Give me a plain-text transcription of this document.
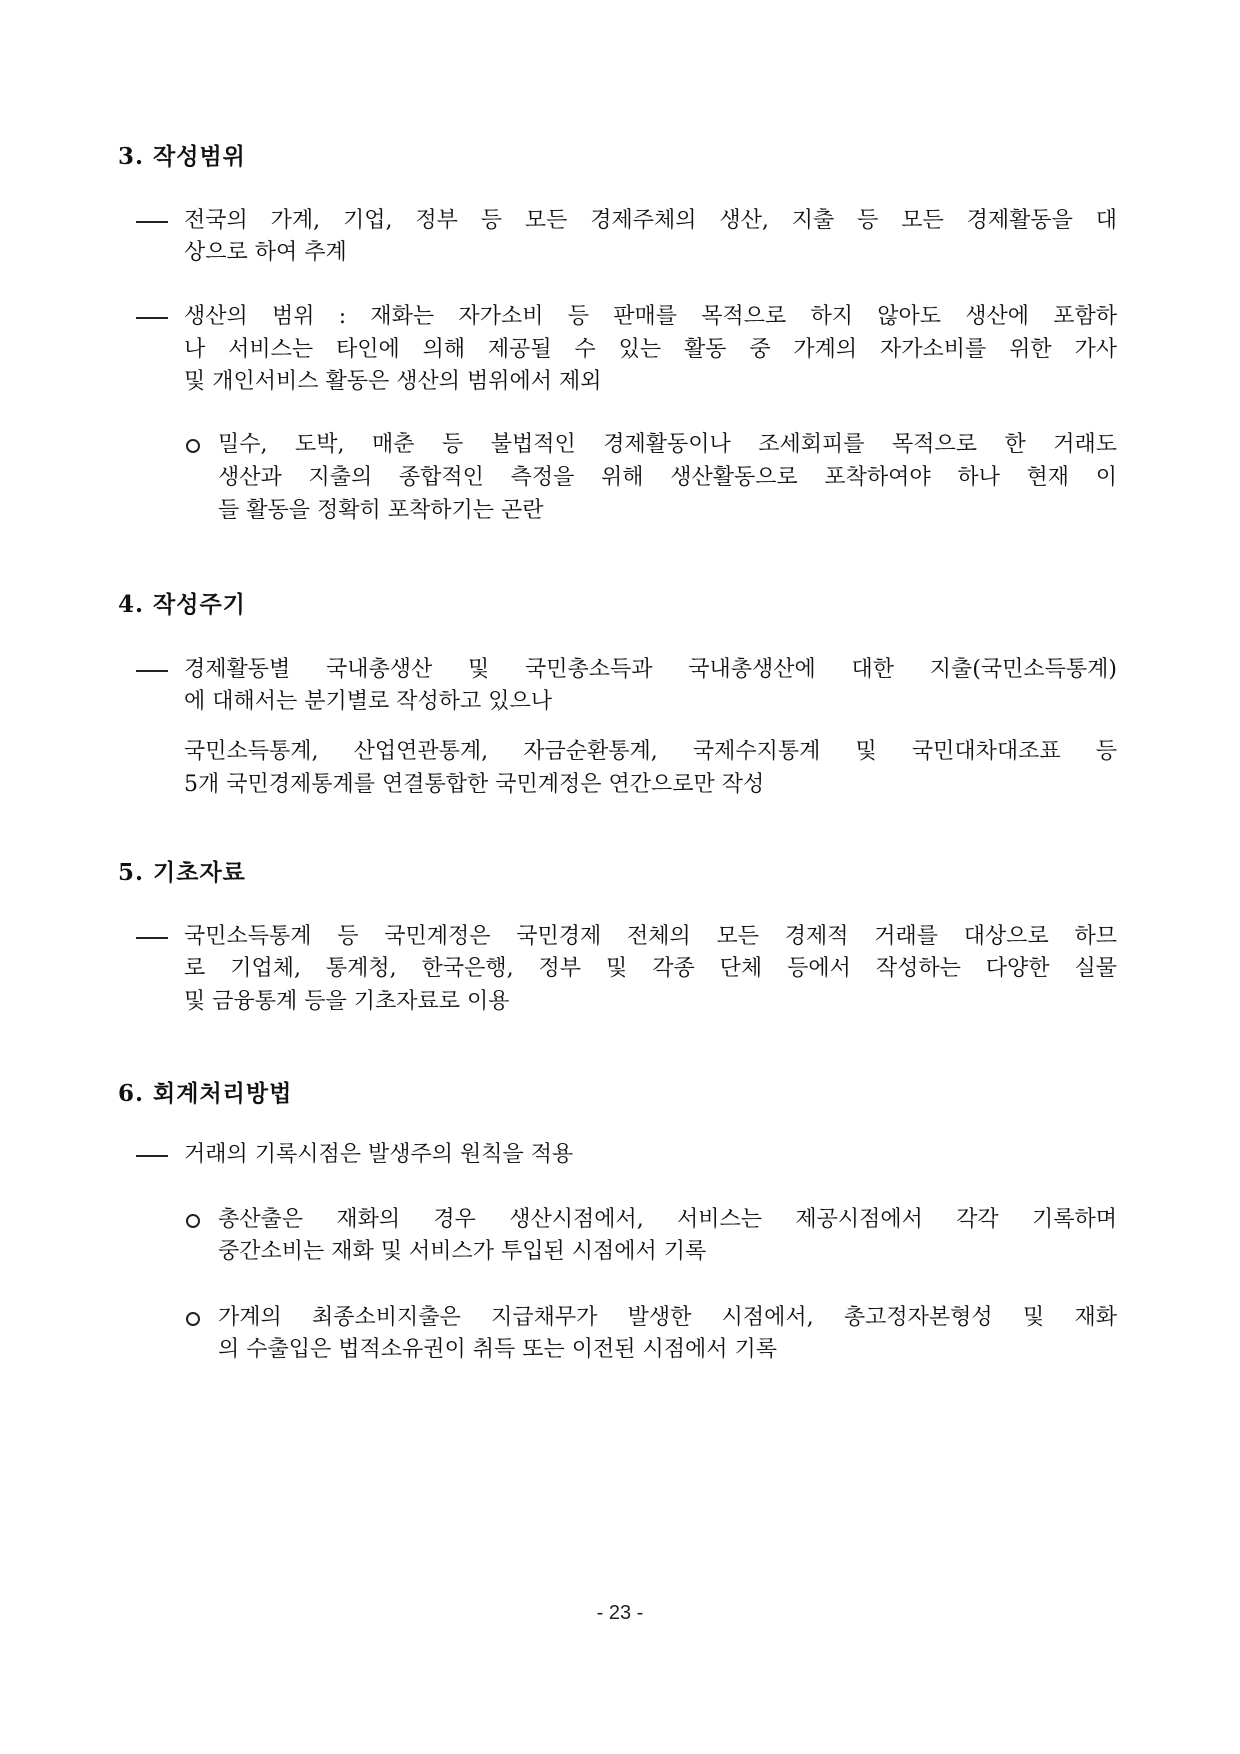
3. 작성범위
전국의 가계, 기업, 정부 등 모든 경제주체의 생산, 지출 등 모든 경제활동을 대
상으로 하여 추계
생산의 범위 : 재화는 자가소비 등 판매를 목적으로 하지 않아도 생산에 포함하
나 서비스는 타인에 의해 제공될 수 있는 활동 중 가계의 자가소비를 위한 가사
및 개인서비스 활동은 생산의 범위에서 제외
밀수, 도박, 매춘 등 불법적인 경제활동이나 조세회피를 목적으로 한 거래도
생산과 지출의 종합적인 측정을 위해 생산활동으로 포착하여야 하나 현재 이
들 활동을 정확히 포착하기는 곤란
4. 작성주기
경제활동별 국내총생산 및 국민총소득과 국내총생산에 대한 지출(국민소득통계)
에 대해서는 분기별로 작성하고 있으나
국민소득통계, 산업연관통계, 자금순환통계, 국제수지통계 및 국민대차대조표 등
5개 국민경제통계를 연결통합한 국민계정은 연간으로만 작성
5. 기초자료
국민소득통계 등 국민계정은 국민경제 전체의 모든 경제적 거래를 대상으로 하므
로 기업체, 통계청, 한국은행, 정부 및 각종 단체 등에서 작성하는 다양한 실물
및 금융통계 등을 기초자료로 이용
6. 회계처리방법
거래의 기록시점은 발생주의 원칙을 적용
총산출은 재화의 경우 생산시점에서, 서비스는 제공시점에서 각각 기록하며
중간소비는 재화 및 서비스가 투입된 시점에서 기록
가계의 최종소비지출은 지급채무가 발생한 시점에서, 총고정자본형성 및 재화
의 수출입은 법적소유권이 취득 또는 이전된 시점에서 기록
- 23 -
